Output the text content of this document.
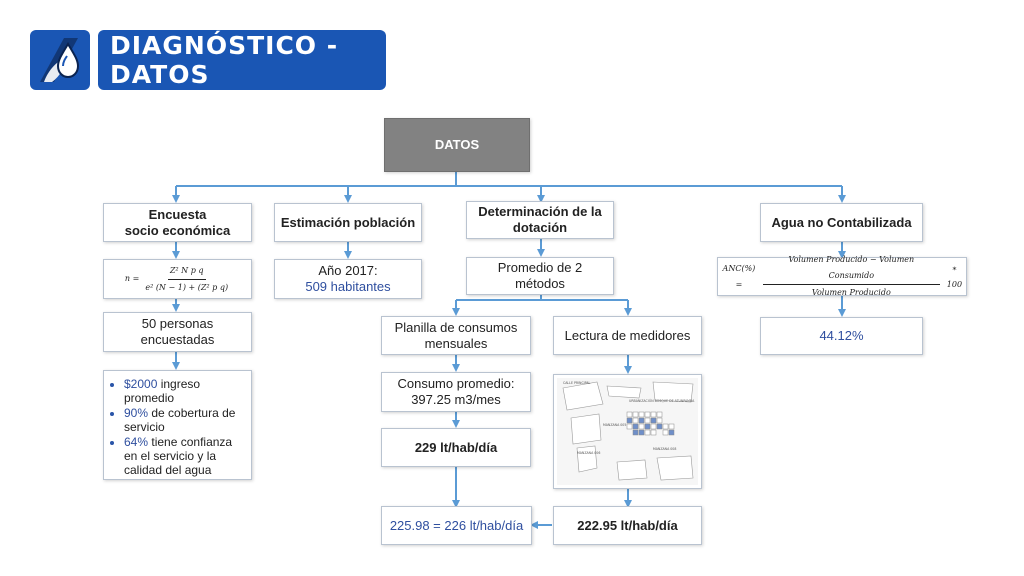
DIAGNÓSTICO - DATOS
DATOS
Encuesta
socio económica
$n = \frac{\text{Z² N p q}}{\text{e² (N − 1) + (Z² p q)}}$
50 personas encuestadas
• $2000 ingreso promedio
• 90% de cobertura de servicio
• 64% tiene confianza en el servicio y la calidad del agua
Estimación población
Año 2017:
509 habitantes
Determinación de la dotación
Promedio de 2 métodos
Planilla de consumos mensuales
Consumo promedio: 397.25 m3/mes
229 lt/hab/día
Lectura de medidores
URBANIZACIÓN BOSQUE DE ATUNPAMBA
MANZANA 005
MANZANA 006
CALLE PRINCIPAL
MANZANA 008
222.95 lt/hab/día
225.98 = 226 lt/hab/día
Agua no Contabilizada
ANC(%) =
Volumen Producido − Volumen Consumido
Volumen Producido
∗ 100
44.12%
